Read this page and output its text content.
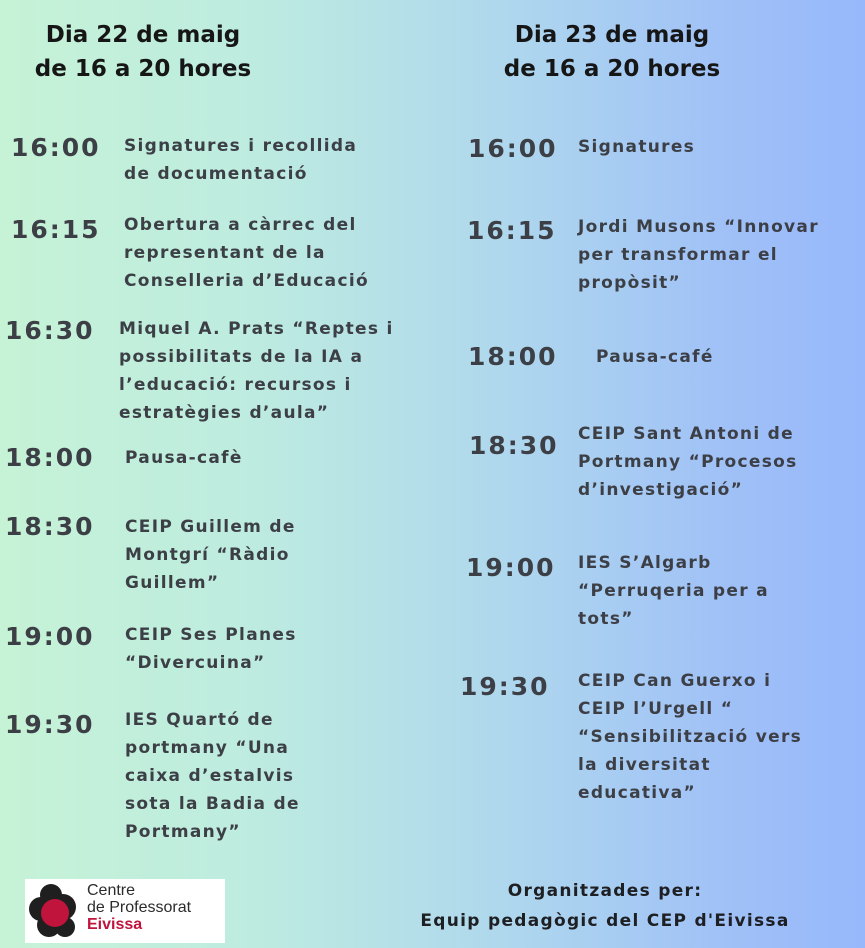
Dia 22 de maig
de 16 a 20 hores
Dia 23 de maig
de 16 a 20 hores
16:00 Signatures i recollida
de documentació
16:15 Obertura a càrrec del
representant de la
Conselleria d’Educació
16:30 Miquel A. Prats “Reptes i
possibilitats de la IA a
l’educació: recursos i
estratègies d’aula”
18:00 Pausa-cafè
18:30 CEIP Guillem de
Montgrí “Ràdio
Guillem”
19:00 CEIP Ses Planes
“Divercuina”
19:30 IES Quartó de
portmany “Una
caixa d’estalvis
sota la Badia de
Portmany”
16:00 Signatures
16:15 Jordi Musons “Innovar
per transformar el
propòsit”
18:00 Pausa-café
18:30 CEIP Sant Antoni de
Portmany “Procesos
d’investigació”
19:00 IES S’Algarb
“Perruqeria per a
tots”
19:30 CEIP Can Guerxo i
CEIP l’Urgell “
“Sensibilització vers
la diversitat
educativa”
Centre
de Professorat
Eivissa
Organitzades per:
Equip pedagògic del CEP d'Eivissa
